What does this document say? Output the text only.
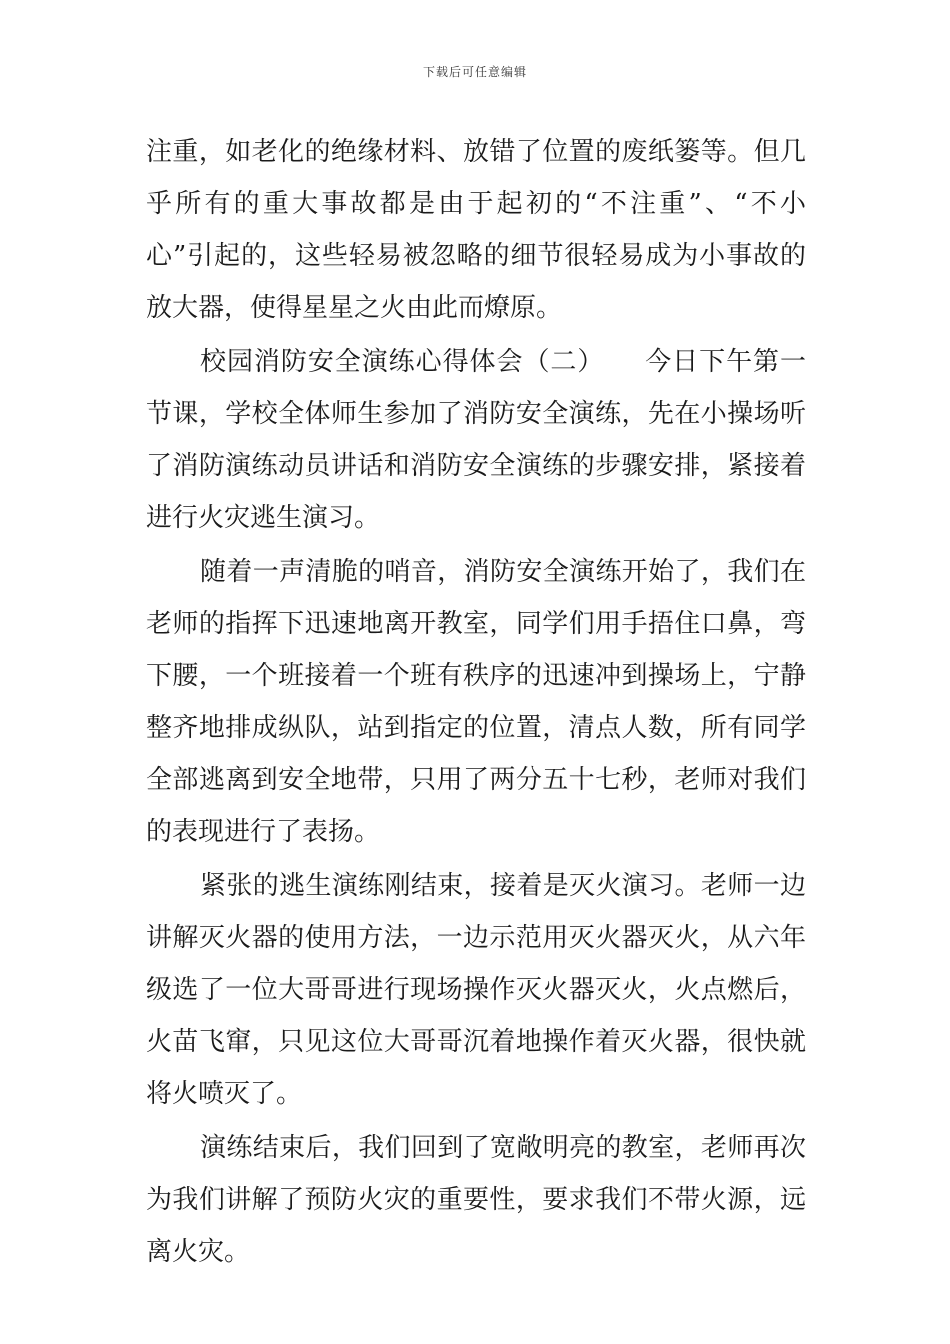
下载后可任意编辑
注重，如老化的绝缘材料、放错了位置的废纸篓等。但几
乎所有的重大事故都是由于起初的“不注重”、“不小
心”引起的，这些轻易被忽略的细节很轻易成为小事故的
放大器，使得星星之火由此而燎原。
校园消防安全演练心得体会（二）　　今日下午第一
节课，学校全体师生参加了消防安全演练，先在小操场听
了消防演练动员讲话和消防安全演练的步骤安排，紧接着
进行火灾逃生演习。
随着一声清脆的哨音，消防安全演练开始了，我们在
老师的指挥下迅速地离开教室，同学们用手捂住口鼻，弯
下腰，一个班接着一个班有秩序的迅速冲到操场上，宁静
整齐地排成纵队，站到指定的位置，清点人数，所有同学
全部逃离到安全地带，只用了两分五十七秒，老师对我们
的表现进行了表扬。
紧张的逃生演练刚结束，接着是灭火演习。老师一边
讲解灭火器的使用方法，一边示范用灭火器灭火，从六年
级选了一位大哥哥进行现场操作灭火器灭火，火点燃后，
火苗飞窜，只见这位大哥哥沉着地操作着灭火器，很快就
将火喷灭了。
演练结束后，我们回到了宽敞明亮的教室，老师再次
为我们讲解了预防火灾的重要性，要求我们不带火源，远
离火灾。
